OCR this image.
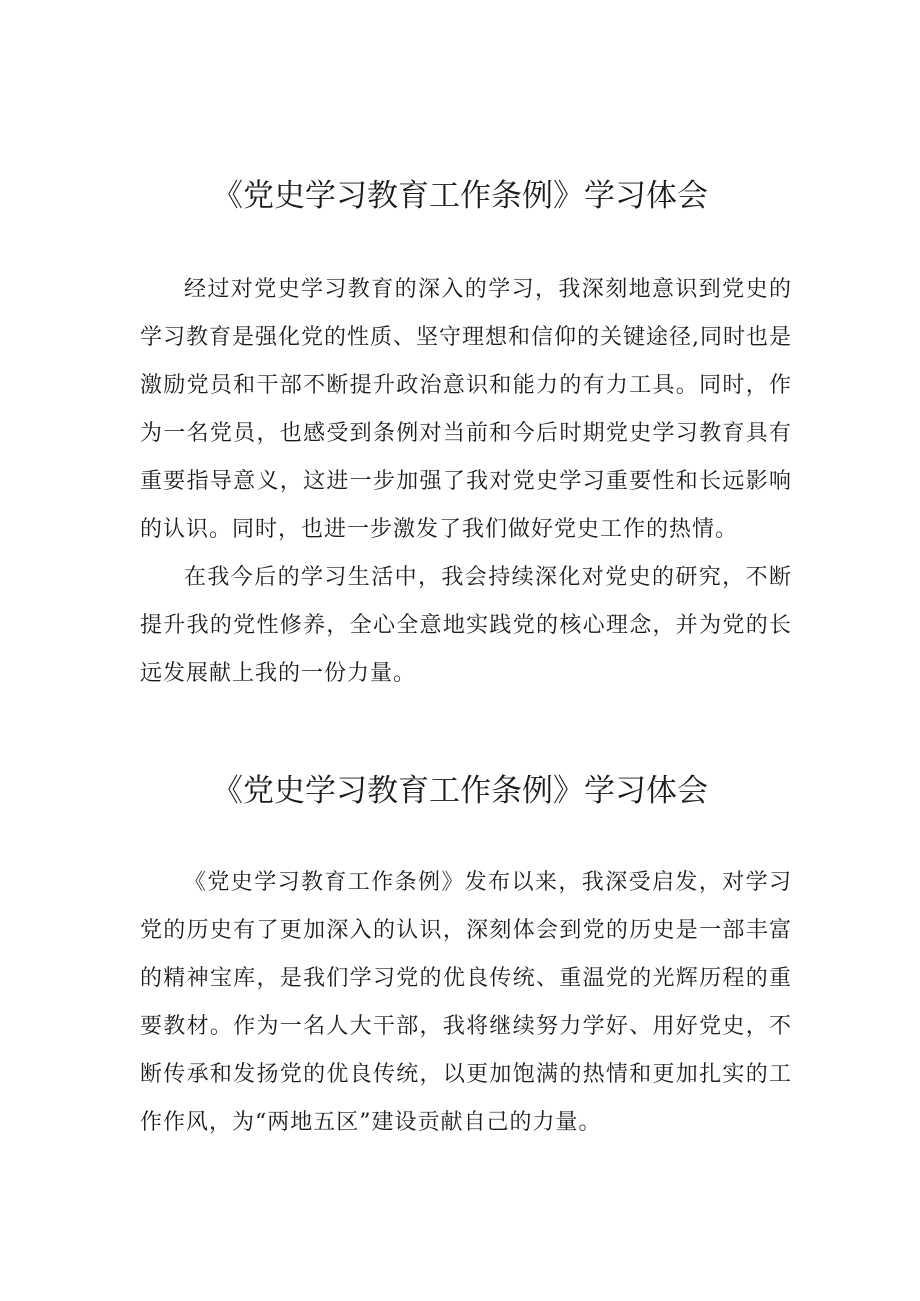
《党史学习教育工作条例》学习体会

经过对党史学习教育的深入的学习，我深刻地意识到党史的学习教育是强化党的性质、坚守理想和信仰的关键途径,同时也是激励党员和干部不断提升政治意识和能力的有力工具。同时，作为一名党员，也感受到条例对当前和今后时期党史学习教育具有重要指导意义，这进一步加强了我对党史学习重要性和长远影响的认识。同时，也进一步激发了我们做好党史工作的热情。

在我今后的学习生活中，我会持续深化对党史的研究，不断提升我的党性修养，全心全意地实践党的核心理念，并为党的长远发展献上我的一份力量。

《党史学习教育工作条例》学习体会

《党史学习教育工作条例》发布以来，我深受启发，对学习党的历史有了更加深入的认识，深刻体会到党的历史是一部丰富的精神宝库，是我们学习党的优良传统、重温党的光辉历程的重要教材。作为一名人大干部，我将继续努力学好、用好党史，不断传承和发扬党的优良传统，以更加饱满的热情和更加扎实的工作作风，为“两地五区”建设贡献自己的力量。
